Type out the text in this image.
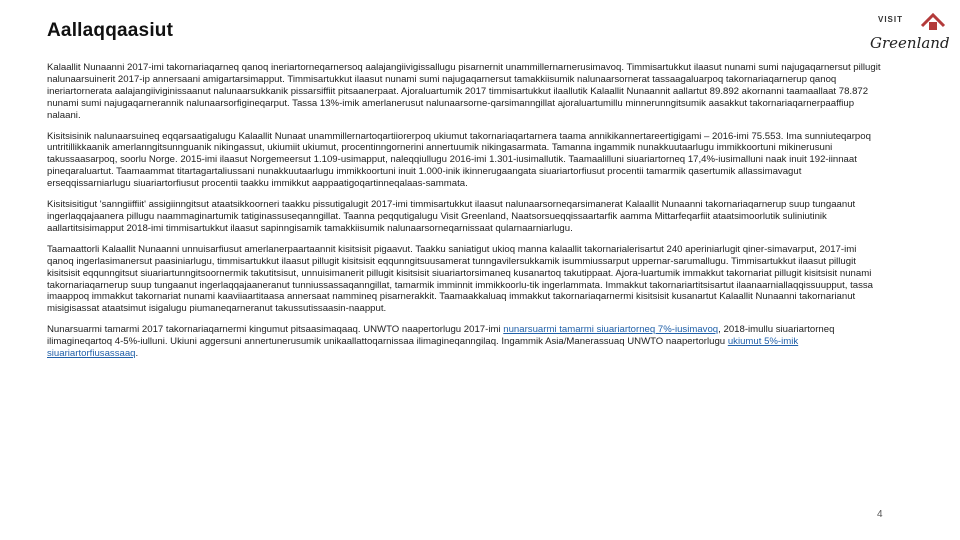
Aallaqqaasiut
VISIT
Greenland

Kalaallit Nunaanni 2017-imi takornariaqarneq qanoq ineriartorneqarnersoq aalajangiivigissallugu pisarnernit unammillernarnerusimavoq. Timmisartukkut ilaasut nunami sumi najugaqarnersut pillugit nalunaarsuinerit 2017-ip annersaani amigartarsimapput. Timmisartukkut ilaasut nunami sumi najugaqarnersut tamakkiisumik nalunaarsornerat tassaagaluarpoq takornariaqarnerup qanoq ineriartornerata aalajangiiviginissaanut nalunaarsukkanik pissarsiffiit pitsaanerpaat. Ajoraluartumik 2017 timmisartukkut ilaallutik Kalaallit Nunaannit aallartut 89.892 akornanni taamaallaat 78.872 nunami sumi najugaqarnerannik nalunaarsorfigineqarput. Tassa 13%-imik amerlanerusut nalunaarsorne-qarsimanngillat ajoraluartumillu minnerunngitsumik aasakkut takornariaqarnerpaaffiup nalaani.

Kisitsisinik nalunaarsuineq eqqarsaatigalugu Kalaallit Nunaat unammillernartoqartiiorerpoq ukiumut takornariaqartarnera taama annikikannertareertigigami – 2016-imi 75.553. Ima sunniuteqarpoq untritillikkaanik amerlanngitsunnguanik nikingassut, ukiumiit ukiumut, procentinngornerini annertuumik nikingasarmata. Tamanna ingammik nunakkuutaarlugu immikkoortuni mikinerusuni takussaasarpoq, soorlu Norge. 2015-imi ilaasut Norgemeersut 1.109-usimapput, naleqqiullugu 2016-imi 1.301-iusimallutik. Taamaalilluni siuariartorneq 17,4%-iusimalluni naak inuit 192-iinnaat pineqaraluartut. Taamaammat titartagartaliussani nunakkuutaarlugu immikkoortuni inuit 1.000-inik ikinnerugaangata siuariartorfiusut procentii tamarmik qasertumik allassimavagut erseqqissarniarlugu siuariartorfiusut procentii taakku immikkut aappaatigoqartinneqalaas-sammata.

Kisitsisitigut 'sanngiiffiit' assigiinngitsut ataatsikkoorneri taakku pissutigalugit 2017-imi timmisartukkut ilaasut nalunaarsorneqarsimanerat Kalaallit Nunaanni takornariaqarnerup suup tungaanut ingerlaqqajaanera pillugu naammaginartumik tatiginassuseqanngillat. Taanna peqqutigalugu Visit Greenland, Naatsorsueqqissaartarfik aamma Mittarfeqarfiit ataatsimoorlutik suliniutinik aallartitsisimapput 2018-imi timmisartukkut ilaasut sapinngisamik tamakkiisumik nalunaarsorneqarnissaat qularnaarniarlugu.

Taamaattorli Kalaallit Nunaanni unnuisarfiusut amerlanerpaartaannit kisitsisit pigaavut. Taakku saniatigut ukioq manna kalaallit takornarialerisartut 240 aperiniarlugit qiner-simavarput, 2017-imi qanoq ingerlasimanersut paasiniarlugu, timmisartukkut ilaasut pillugit kisitsisit eqqunngitsuusamerat tunngavilersukkamik isummiussarput uppernar-sarumallugu. Timmisartukkut ilaasut pillugit kisitsisit eqqunngitsut siuariartunngitsoornermik takutitsisut, unnuisimanerit pillugit kisitsisit siuariartorsimaneq kusanartoq takutippaat. Ajora-luartumik immakkut takornariat pillugit kisitsisit nunami takornariaqarnerup suup tungaanut ingerlaqqajaaneranut tunniussassaqanngillat, tamarmik imminnit immikkoorlu-tik ingerlammata. Immakkut takornariartitsisartut ilaanaarniallaqqissuupput, tassa imaappoq immakkut takornariat nunami kaaviiaartitaasa annersaat nammineq pisarnerakkit. Taamaakkaluaq immakkut takornariaqarnermi kisitsisit kusanartut Kalaallit Nunaanni takornarianut misigisassat ataatsimut isigalugu piumaneqarneranut takussutissaasin-naapput.

Nunarsuarmi tamarmi 2017 takornariaqarnermi kingumut pitsaasimaqaaq. UNWTO naapertorlugu 2017-imi nunarsuarmi tamarmi siuariartorneq 7%-iusimavoq, 2018-imullu siuariartorneq ilimagineqartoq 4-5%-iulluni. Ukiuni aggersuni annertunerusumik unikaallattoqarnissaa ilimagineqanngilaq. Ingammik Asia/Manerassuaq UNWTO naapertorlugu ukiumut 5%-imik siuariartorfiusassaaq.

4
